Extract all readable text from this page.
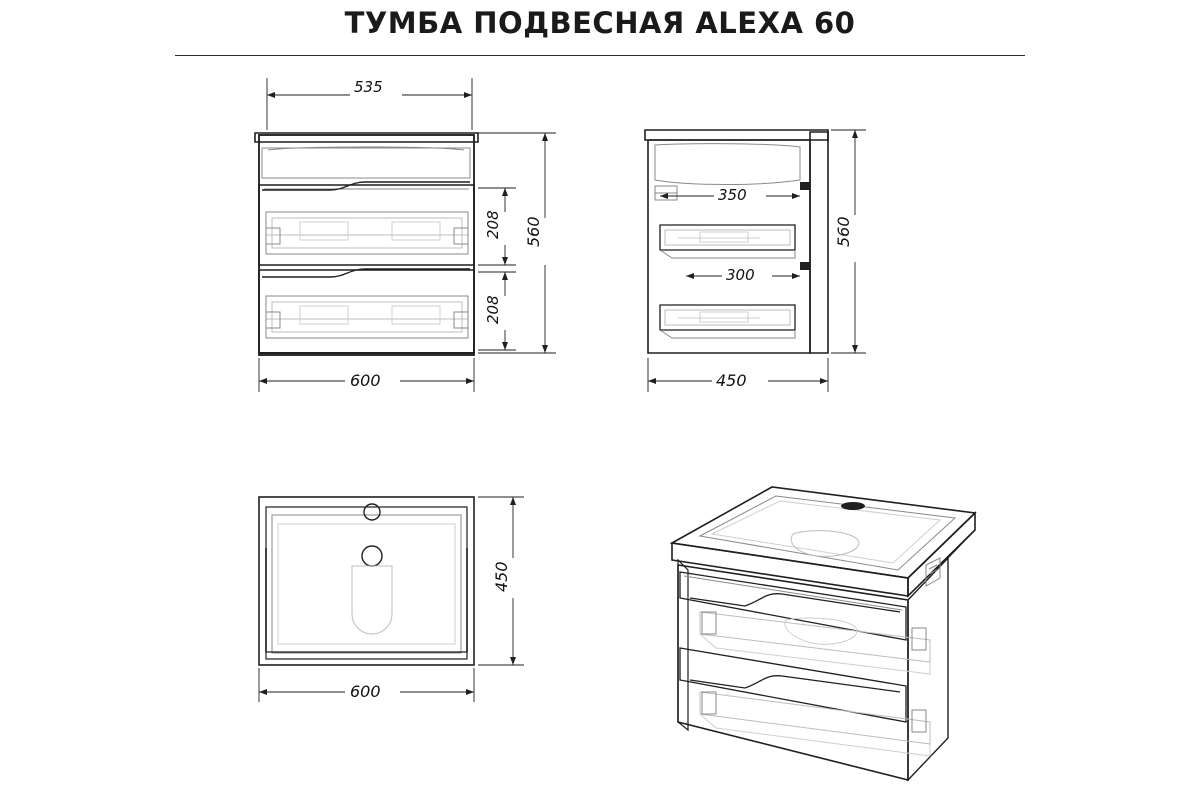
ТУМБА ПОДВЕСНАЯ ALEXA 60
535
600
208
208
560
350
300
450
560
450
600
